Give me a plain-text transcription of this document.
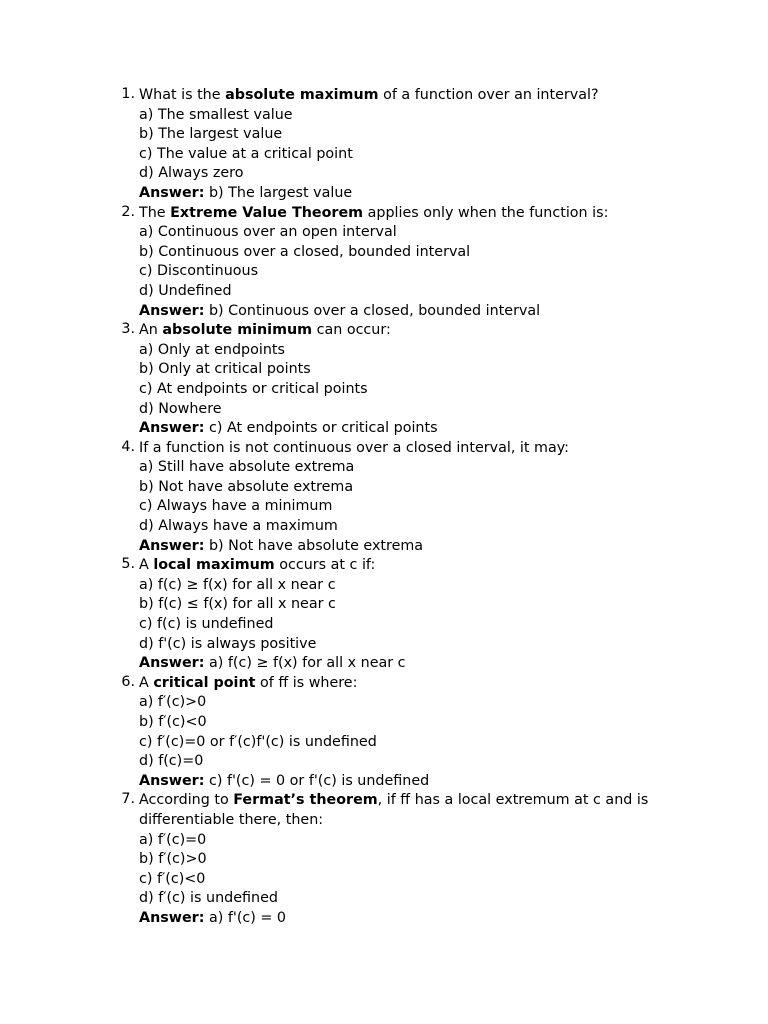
1. What is the absolute maximum of a function over an interval?
a) The smallest value
b) The largest value
c) The value at a critical point
d) Always zero
Answer: b) The largest value
2. The Extreme Value Theorem applies only when the function is:
a) Continuous over an open interval
b) Continuous over a closed, bounded interval
c) Discontinuous
d) Undefined
Answer: b) Continuous over a closed, bounded interval
3. An absolute minimum can occur:
a) Only at endpoints
b) Only at critical points
c) At endpoints or critical points
d) Nowhere
Answer: c) At endpoints or critical points
4. If a function is not continuous over a closed interval, it may:
a) Still have absolute extrema
b) Not have absolute extrema
c) Always have a minimum
d) Always have a maximum
Answer: b) Not have absolute extrema
5. A local maximum occurs at c if:
a) f(c) ≥ f(x) for all x near c
b) f(c) ≤ f(x) for all x near c
c) f(c) is undefined
d) f'(c) is always positive
Answer: a) f(c) ≥ f(x) for all x near c
6. A critical point of ff is where:
a) f′(c)>0
b) f′(c)<0
c) f′(c)=0 or f′(c)f'(c) is undefined
d) f(c)=0
Answer: c) f'(c) = 0 or f'(c) is undefined
7. According to Fermat’s theorem, if ff has a local extremum at c and is differentiable there, then:
a) f′(c)=0
b) f′(c)>0
c) f′(c)<0
d) f′(c) is undefined
Answer: a) f'(c) = 0
